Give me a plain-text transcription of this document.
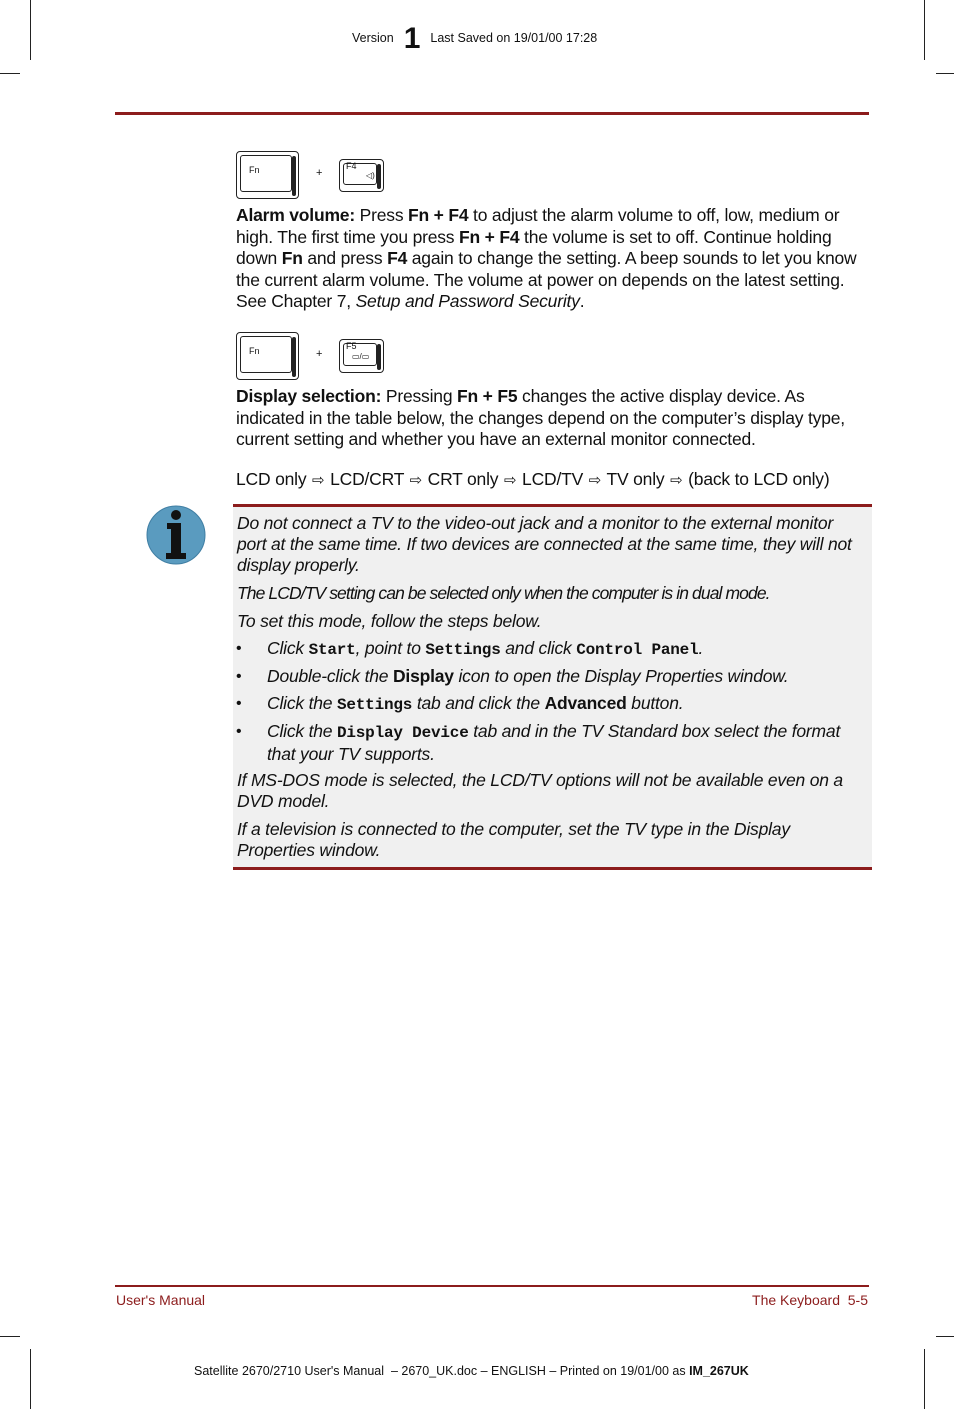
Version 1 Last Saved on 19/01/00 17:28
Fn	+
F4
◁)
Alarm volume: Press Fn + F4 to adjust the alarm volume to off, low, medium or high. The first time you press Fn + F4 the volume is set to off. Continue holding down Fn and press F4 again to change the setting. A beep sounds to let you know the current alarm volume. The volume at power on depends on the latest setting. See Chapter 7, Setup and Password Security.
Fn	+
F5
▭/▭
Display selection: Pressing Fn + F5 changes the active display device. As indicated in the table below, the changes depend on the computer’s display type, current setting and whether you have an external monitor connected.
LCD only ⇨ LCD/CRT ⇨ CRT only ⇨ LCD/TV ⇨ TV only ⇨ (back to LCD only)
Do not connect a TV to the video-out jack and a monitor to the external monitor port at the same time. If two devices are connected at the same time, they will not display properly.
The LCD/TV setting can be selected only when the computer is in dual mode.
To set this mode, follow the steps below.
• Click Start, point to Settings and click Control Panel.
• Double-click the Display icon to open the Display Properties window.
• Click the Settings tab and click the Advanced button.
• Click the Display Device tab and in the TV Standard box select the format that your TV supports.
If MS-DOS mode is selected, the LCD/TV options will not be available even on a DVD model.
If a television is connected to the computer, set the TV type in the Display Properties window.
User's Manual	The Keyboard  5-5
Satellite 2670/2710 User's Manual  – 2670_UK.doc – ENGLISH – Printed on 19/01/00 as IM_267UK
